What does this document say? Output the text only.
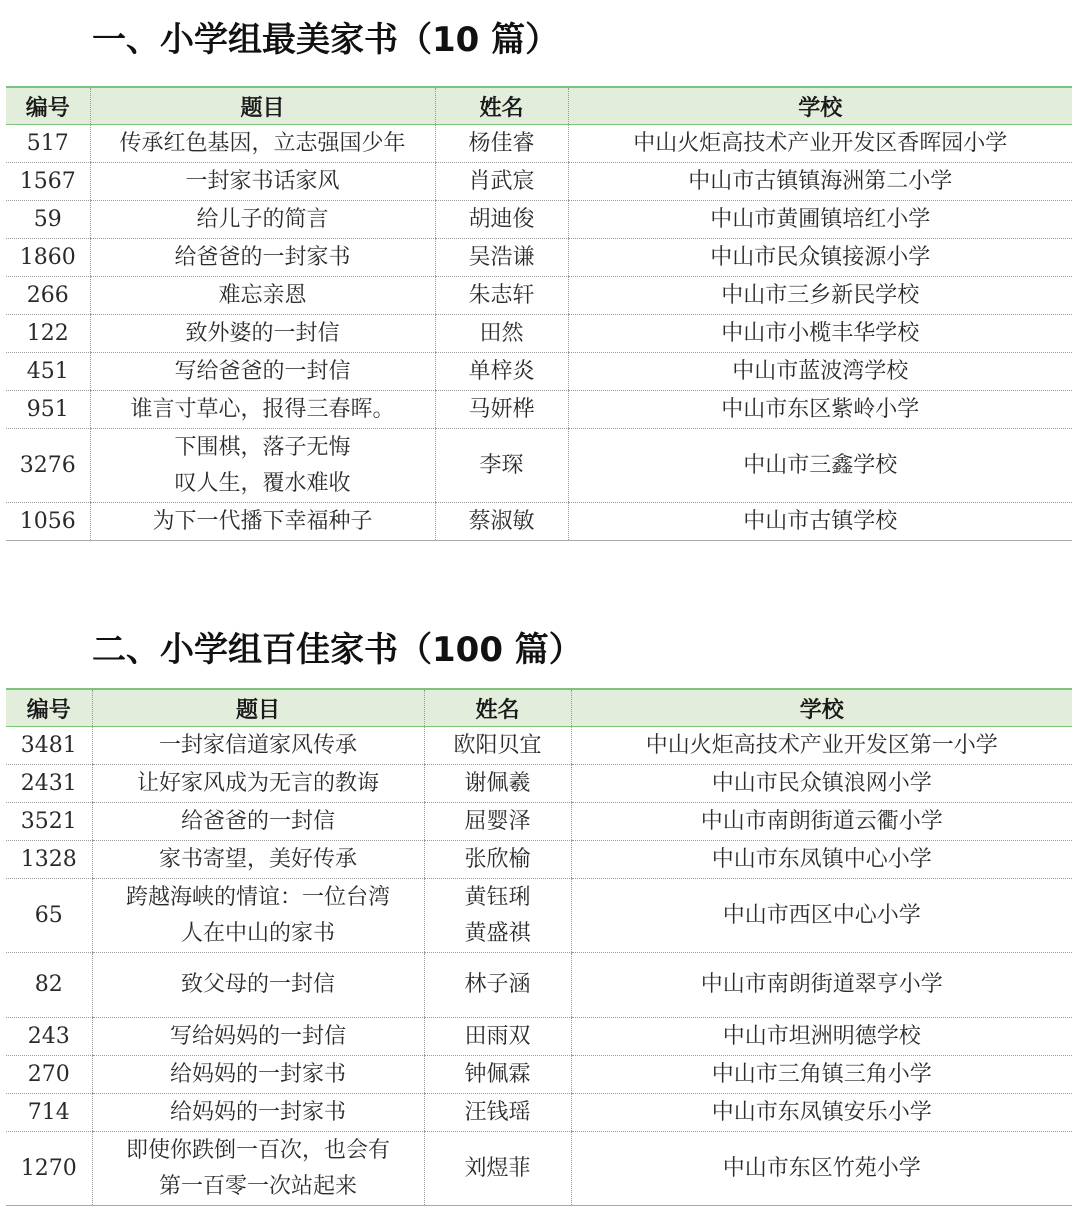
一、小学组最美家书（10 篇）
编号	题目	姓名	学校
517	传承红色基因，立志强国少年	杨佳睿	中山火炬高技术产业开发区香晖园小学
1567	一封家书话家风	肖武宸	中山市古镇镇海洲第二小学
59	给儿子的简言	胡迪俊	中山市黄圃镇培红小学
1860	给爸爸的一封家书	吴浩谦	中山市民众镇接源小学
266	难忘亲恩	朱志轩	中山市三乡新民学校
122	致外婆的一封信	田然	中山市小榄丰华学校
451	写给爸爸的一封信	单梓炎	中山市蓝波湾学校
951	谁言寸草心，报得三春晖。	马妍桦	中山市东区紫岭小学
3276	下围棋，落子无悔
叹人生，覆水难收	李琛	中山市三鑫学校
1056	为下一代播下幸福种子	蔡淑敏	中山市古镇学校
二、小学组百佳家书（100 篇）
编号	题目	姓名	学校
3481	一封家信道家风传承	欧阳贝宜	中山火炬高技术产业开发区第一小学
2431	让好家风成为无言的教诲	谢佩羲	中山市民众镇浪网小学
3521	给爸爸的一封信	屈婴泽	中山市南朗街道云衢小学
1328	家书寄望，美好传承	张欣榆	中山市东凤镇中心小学
65	跨越海峡的情谊：一位台湾
人在中山的家书	黄钰琍
黄盛祺	中山市西区中心小学
82	致父母的一封信	林子涵	中山市南朗街道翠亨小学
243	写给妈妈的一封信	田雨双	中山市坦洲明德学校
270	给妈妈的一封家书	钟佩霖	中山市三角镇三角小学
714	给妈妈的一封家书	汪钱瑶	中山市东凤镇安乐小学
1270	即使你跌倒一百次，也会有
第一百零一次站起来	刘煜菲	中山市东区竹苑小学
